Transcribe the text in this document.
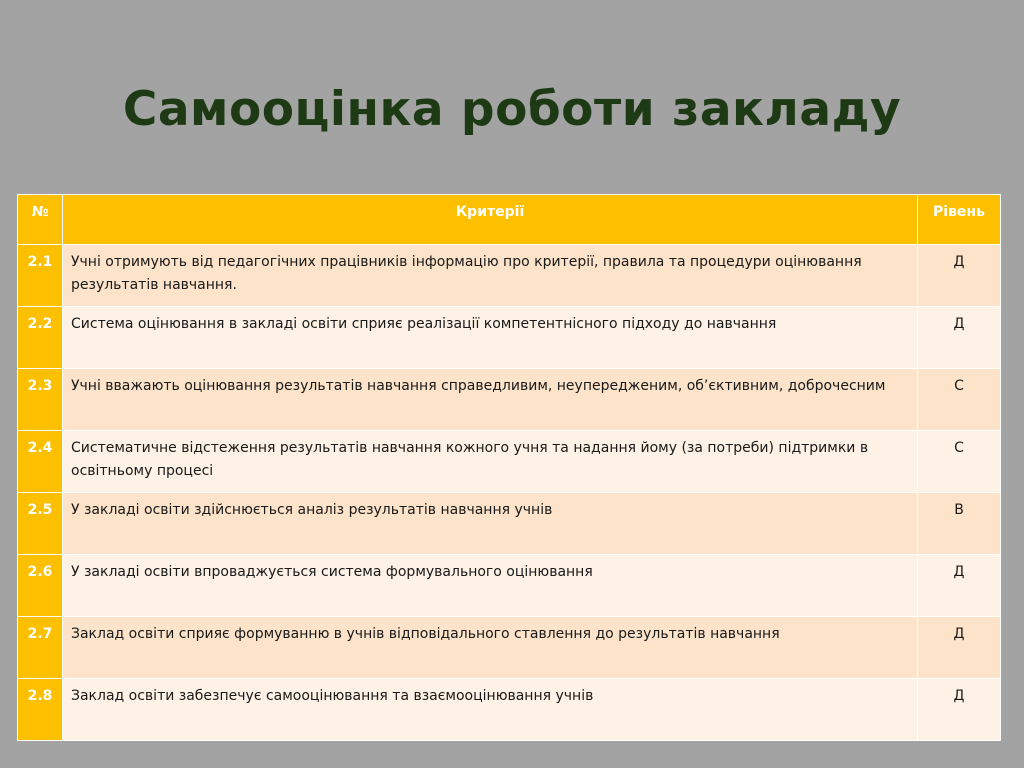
Самооцінка роботи закладу
№	Критерії	Рівень
2.1	Учні отримують від педагогічних працівників інформацію про критерії, правила та процедури оцінювання результатів навчання.	Д
2.2	Система оцінювання в закладі освіти сприяє реалізації компетентнісного підходу до навчання	Д
2.3	Учні вважають оцінювання результатів навчання справедливим, неупередженим, об’єктивним, доброчесним	С
2.4	Систематичне відстеження результатів навчання кожного учня та надання йому (за потреби) підтримки в освітньому процесі	С
2.5	У закладі освіти здійснюється аналіз результатів навчання учнів	В
2.6	У закладі освіти впроваджується система формувального оцінювання	Д
2.7	Заклад освіти сприяє формуванню в учнів відповідального ставлення до результатів навчання	Д
2.8	Заклад освіти забезпечує самооцінювання та взаємооцінювання учнів	Д
